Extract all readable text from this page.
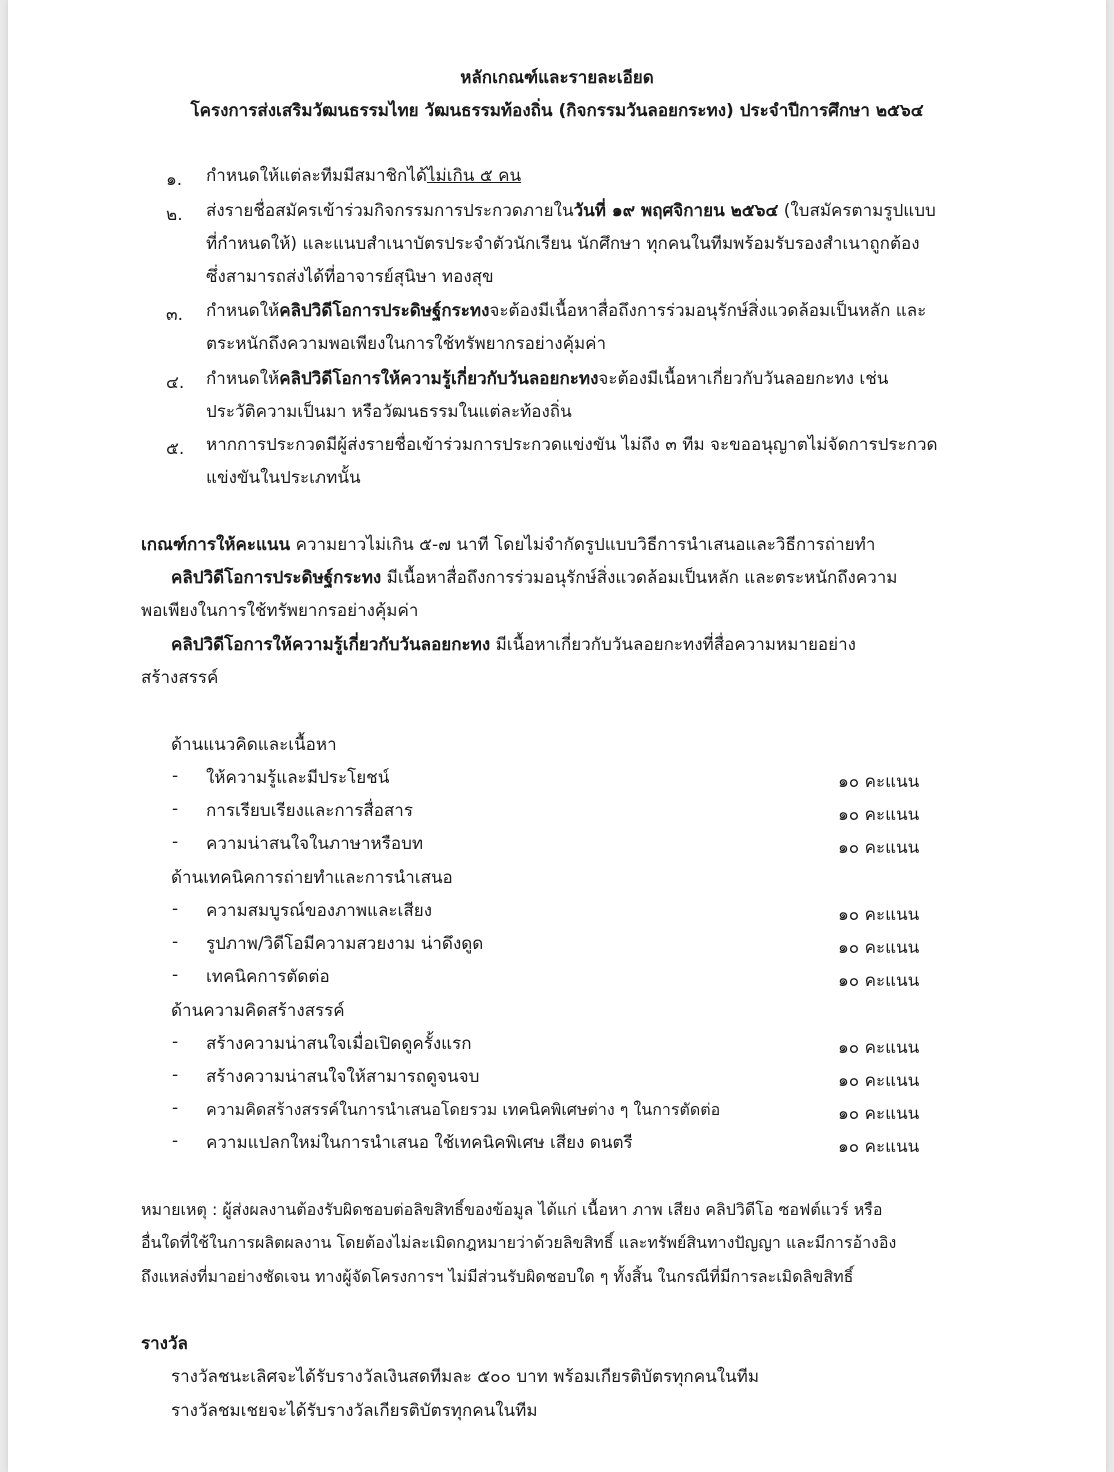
หลักเกณฑ์และรายละเอียด
โครงการส่งเสริมวัฒนธรรมไทย วัฒนธรรมท้องถิ่น (กิจกรรมวันลอยกระทง) ประจำปีการศึกษา ๒๕๖๔
๑. กำหนดให้แต่ละทีมมีสมาชิกได้ไม่เกิน ๕ คน
๒. ส่งรายชื่อสมัครเข้าร่วมกิจกรรมการประกวดภายในวันที่ ๑๙ พฤศจิกายน ๒๕๖๔ (ใบสมัครตามรูปแบบ
ที่กำหนดให้) และแนบสำเนาบัตรประจำตัวนักเรียน นักศึกษา ทุกคนในทีมพร้อมรับรองสำเนาถูกต้อง
ซึ่งสามารถส่งได้ที่อาจารย์สุนิษา ทองสุข
๓. กำหนดให้คลิปวิดีโอการประดิษฐ์กระทงจะต้องมีเนื้อหาสื่อถึงการร่วมอนุรักษ์สิ่งแวดล้อมเป็นหลัก และ
ตระหนักถึงความพอเพียงในการใช้ทรัพยากรอย่างคุ้มค่า
๔. กำหนดให้คลิปวิดีโอการให้ความรู้เกี่ยวกับวันลอยกะทงจะต้องมีเนื้อหาเกี่ยวกับวันลอยกะทง เช่น
ประวัติความเป็นมา หรือวัฒนธรรมในแต่ละท้องถิ่น
๕. หากการประกวดมีผู้ส่งรายชื่อเข้าร่วมการประกวดแข่งขัน ไม่ถึง ๓ ทีม จะขออนุญาตไม่จัดการประกวด
แข่งขันในประเภทนั้น
เกณฑ์การให้คะแนน ความยาวไม่เกิน ๕-๗ นาที โดยไม่จำกัดรูปแบบวิธีการนำเสนอและวิธีการถ่ายทำ
คลิปวิดีโอการประดิษฐ์กระทง มีเนื้อหาสื่อถึงการร่วมอนุรักษ์สิ่งแวดล้อมเป็นหลัก และตระหนักถึงความ
พอเพียงในการใช้ทรัพยากรอย่างคุ้มค่า
คลิปวิดีโอการให้ความรู้เกี่ยวกับวันลอยกะทง มีเนื้อหาเกี่ยวกับวันลอยกะทงที่สื่อความหมายอย่าง
สร้างสรรค์
ด้านแนวคิดและเนื้อหา
- ให้ความรู้และมีประโยชน์	๑๐ คะแนน
- การเรียบเรียงและการสื่อสาร	๑๐ คะแนน
- ความน่าสนใจในภาษาหรือบท	๑๐ คะแนน
ด้านเทคนิคการถ่ายทำและการนำเสนอ
- ความสมบูรณ์ของภาพและเสียง	๑๐ คะแนน
- รูปภาพ/วิดีโอมีความสวยงาม น่าดึงดูด	๑๐ คะแนน
- เทคนิคการตัดต่อ	๑๐ คะแนน
ด้านความคิดสร้างสรรค์
- สร้างความน่าสนใจเมื่อเปิดดูครั้งแรก	๑๐ คะแนน
- สร้างความน่าสนใจให้สามารถดูจนจบ	๑๐ คะแนน
- ความคิดสร้างสรรค์ในการนำเสนอโดยรวม เทคนิคพิเศษต่าง ๆ ในการตัดต่อ	๑๐ คะแนน
- ความแปลกใหม่ในการนำเสนอ ใช้เทคนิคพิเศษ เสียง ดนตรี	๑๐ คะแนน
หมายเหตุ : ผู้ส่งผลงานต้องรับผิดชอบต่อลิขสิทธิ์ของข้อมูล ได้แก่ เนื้อหา ภาพ เสียง คลิปวิดีโอ ซอฟต์แวร์ หรือ
อื่นใดที่ใช้ในการผลิตผลงาน โดยต้องไม่ละเมิดกฎหมายว่าด้วยลิขสิทธิ์ และทรัพย์สินทางปัญญา และมีการอ้างอิง
ถึงแหล่งที่มาอย่างชัดเจน ทางผู้จัดโครงการฯ ไม่มีส่วนรับผิดชอบใด ๆ ทั้งสิ้น ในกรณีที่มีการละเมิดลิขสิทธิ์
รางวัล
รางวัลชนะเลิศจะได้รับรางวัลเงินสดทีมละ ๕๐๐ บาท พร้อมเกียรติบัตรทุกคนในทีม
รางวัลชมเชยจะได้รับรางวัลเกียรติบัตรทุกคนในทีม
